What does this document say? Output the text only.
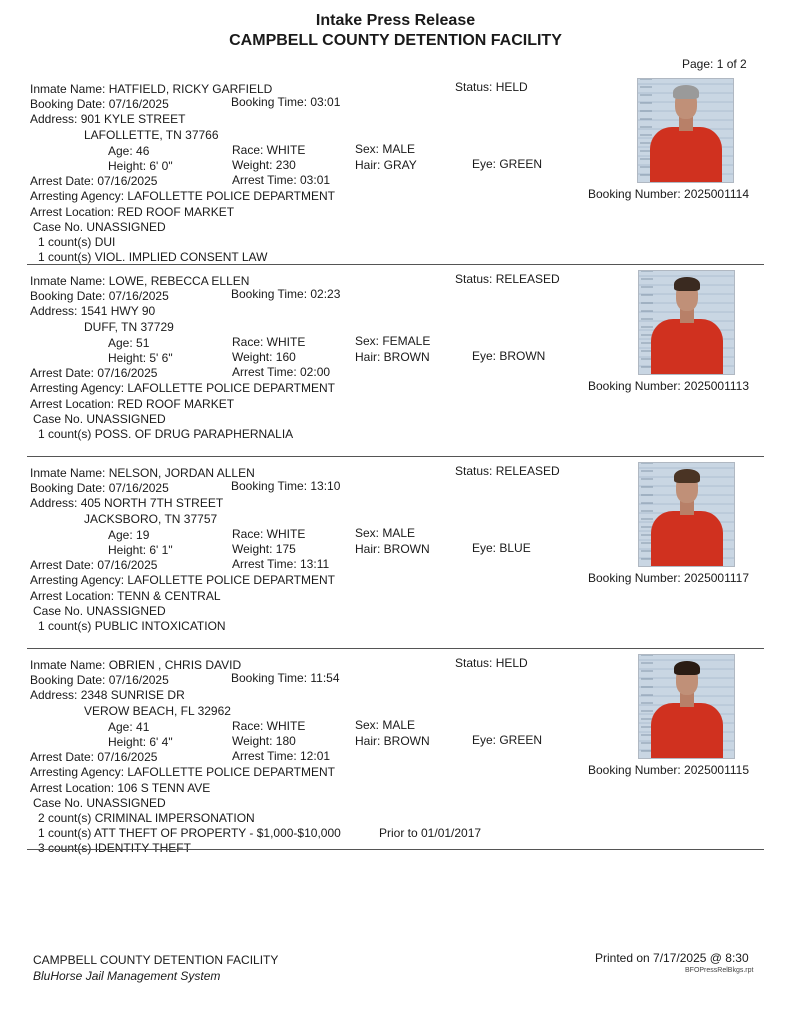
Intake Press Release
CAMPBELL COUNTY DETENTION FACILITY
Page: 1 of 2
Inmate Name: HATFIELD, RICKY GARFIELD	Status: HELD
Booking Date: 07/16/2025	Booking Time: 03:01
Address: 901 KYLE STREET
LAFOLLETTE, TN 37766
Age: 46	Race: WHITE	Sex: MALE
Height: 6' 0"	Weight: 230	Hair: GRAY	Eye: GREEN
Arrest Date: 07/16/2025	Arrest Time: 03:01
Arresting Agency: LAFOLLETTE POLICE DEPARTMENT
Arrest Location: RED ROOF MARKET
Case No. UNASSIGNED
Booking Number: 2025001114
1 count(s) DUI
1 count(s) VIOL. IMPLIED CONSENT LAW
Inmate Name: LOWE, REBECCA ELLEN	Status: RELEASED
Booking Date: 07/16/2025	Booking Time: 02:23
Address: 1541 HWY 90
DUFF, TN 37729
Age: 51	Race: WHITE	Sex: FEMALE
Height: 5' 6"	Weight: 160	Hair: BROWN	Eye: BROWN
Arrest Date: 07/16/2025	Arrest Time: 02:00
Arresting Agency: LAFOLLETTE POLICE DEPARTMENT
Arrest Location: RED ROOF MARKET
Case No. UNASSIGNED
Booking Number: 2025001113
1 count(s) POSS. OF DRUG PARAPHERNALIA
Inmate Name: NELSON, JORDAN ALLEN	Status: RELEASED
Booking Date: 07/16/2025	Booking Time: 13:10
Address: 405 NORTH 7TH STREET
JACKSBORO, TN 37757
Age: 19	Race: WHITE	Sex: MALE
Height: 6' 1"	Weight: 175	Hair: BROWN	Eye: BLUE
Arrest Date: 07/16/2025	Arrest Time: 13:11
Arresting Agency: LAFOLLETTE POLICE DEPARTMENT
Arrest Location: TENN & CENTRAL
Case No. UNASSIGNED
Booking Number: 2025001117
1 count(s) PUBLIC INTOXICATION
Inmate Name: OBRIEN , CHRIS DAVID	Status: HELD
Booking Date: 07/16/2025	Booking Time: 11:54
Address: 2348 SUNRISE DR
VEROW BEACH, FL 32962
Age: 41	Race: WHITE	Sex: MALE
Height: 6' 4"	Weight: 180	Hair: BROWN	Eye: GREEN
Arrest Date: 07/16/2025	Arrest Time: 12:01
Arresting Agency: LAFOLLETTE POLICE DEPARTMENT
Arrest Location: 106 S TENN AVE
Case No. UNASSIGNED
Booking Number: 2025001115
2 count(s) CRIMINAL IMPERSONATION
1 count(s) ATT THEFT OF PROPERTY - $1,000-$10,000
3 count(s) IDENTITY THEFT
Prior to 01/01/2017
CAMPBELL COUNTY DETENTION FACILITY
BluHorse Jail Management System
Printed on 7/17/2025 @ 8:30
BFOPressRelBkgs.rpt
